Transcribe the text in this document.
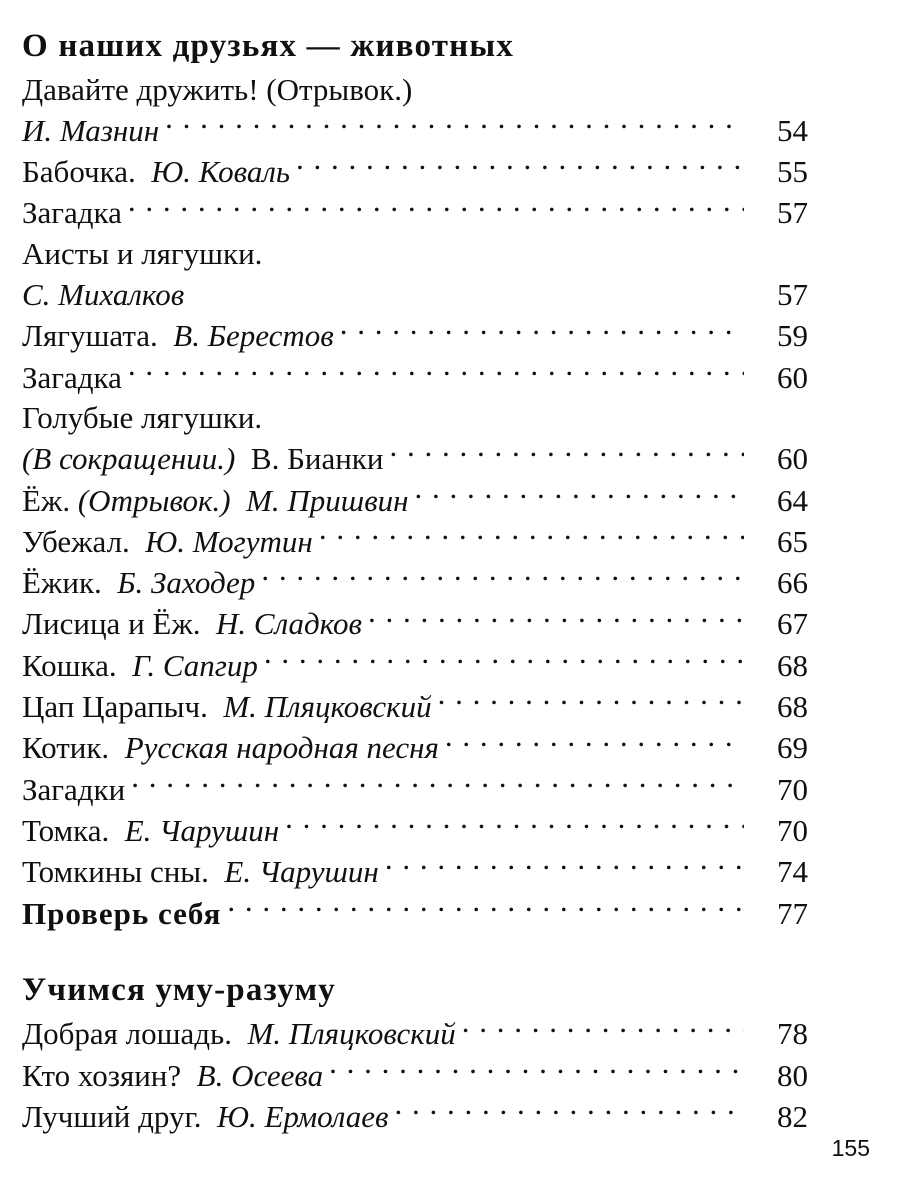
О наших друзьях — животных
Давайте дружить! (Отрывок.)
И. Мазнин . . .	54
Бабочка.  Ю. Коваль . . .	55
Загадка . . .	57
Аисты и лягушки.
С. Михалков	57
Лягушата.  В. Берестов . . .	59
Загадка . . .	60
Голубые лягушки.
(В сокращении.)  В. Бианки . . .	60
Ёж. (Отрывок.) М. Пришвин . . .	64
Убежал.  Ю. Могутин . . .	65
Ёжик.  Б. Заходер . . .	66
Лисица и Ёж.  Н. Сладков . . .	67
Кошка.  Г. Сапгир . . .	68
Цап Царапыч.  М. Пляцковский . . .	68
Котик.  Русская народная песня . . .	69
Загадки . . .	70
Томка.  Е. Чарушин . . .	70
Томкины сны.  Е. Чарушин . . .	74
Проверь себя . . .	77
Учимся уму-разуму
Добрая лошадь.  М. Пляцковский . . .	78
Кто хозяин?  В. Осеева . . .	80
Лучший друг.  Ю. Ермолаев . . .	82
155
